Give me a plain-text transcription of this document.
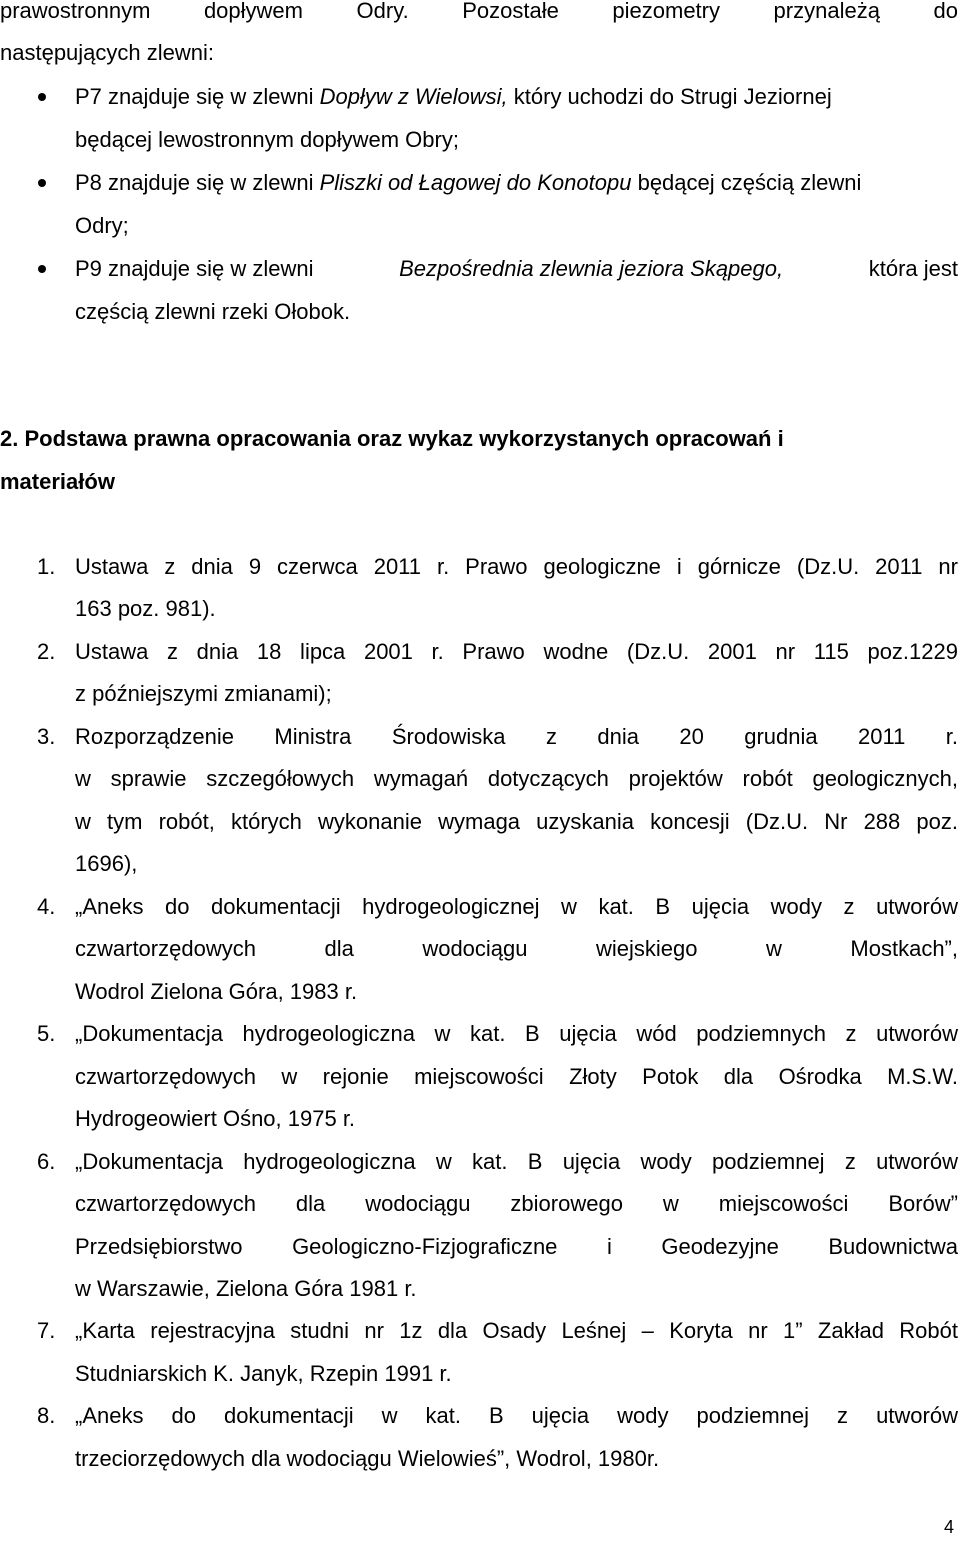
prawostronnym dopływem Odry. Pozostałe piezometry przynależą do
następujących zlewni:
P7 znajduje się w zlewni Dopływ z Wielowsi, który uchodzi do Strugi Jeziornej
będącej lewostronnym dopływem Obry;
P8 znajduje się w zlewni Pliszki od Łagowej do Konotopu będącej częścią zlewni
Odry;
P9 znajduje się w zlewni	Bezpośrednia zlewnia jeziora Skąpego,	która jest
częścią zlewni rzeki Ołobok.
2. Podstawa prawna opracowania oraz wykaz wykorzystanych opracowań i
materiałów
1. Ustawa z dnia 9 czerwca 2011 r. Prawo geologiczne i górnicze (Dz.U. 2011 nr
163 poz. 981).
2. Ustawa z dnia 18 lipca 2001 r. Prawo wodne (Dz.U. 2001 nr 115 poz.1229
z późniejszymi zmianami);
3. Rozporządzenie Ministra Środowiska z dnia 20 grudnia 2011 r.
w sprawie szczegółowych wymagań dotyczących projektów robót geologicznych,
w tym robót, których wykonanie wymaga uzyskania koncesji (Dz.U. Nr 288 poz.
1696),
4. „Aneks do dokumentacji hydrogeologicznej w kat. B ujęcia wody z utworów
czwartorzędowych dla wodociągu wiejskiego w Mostkach”,
Wodrol Zielona Góra, 1983 r.
5. „Dokumentacja hydrogeologiczna w kat. B ujęcia wód podziemnych z utworów
czwartorzędowych w rejonie miejscowości Złoty Potok dla Ośrodka M.S.W.
Hydrogeowiert Ośno, 1975 r.
6. „Dokumentacja hydrogeologiczna w kat. B ujęcia wody podziemnej z utworów
czwartorzędowych dla wodociągu zbiorowego w miejscowości Borów”
Przedsiębiorstwo Geologiczno-Fizjograficzne i Geodezyjne Budownictwa
w Warszawie, Zielona Góra 1981 r.
7. „Karta rejestracyjna studni nr 1z dla Osady Leśnej – Koryta nr 1” Zakład Robót
Studniarskich K. Janyk, Rzepin 1991 r.
8. „Aneks do dokumentacji w kat. B ujęcia wody podziemnej z utworów
trzeciorzędowych dla wodociągu Wielowieś”, Wodrol, 1980r.
4
